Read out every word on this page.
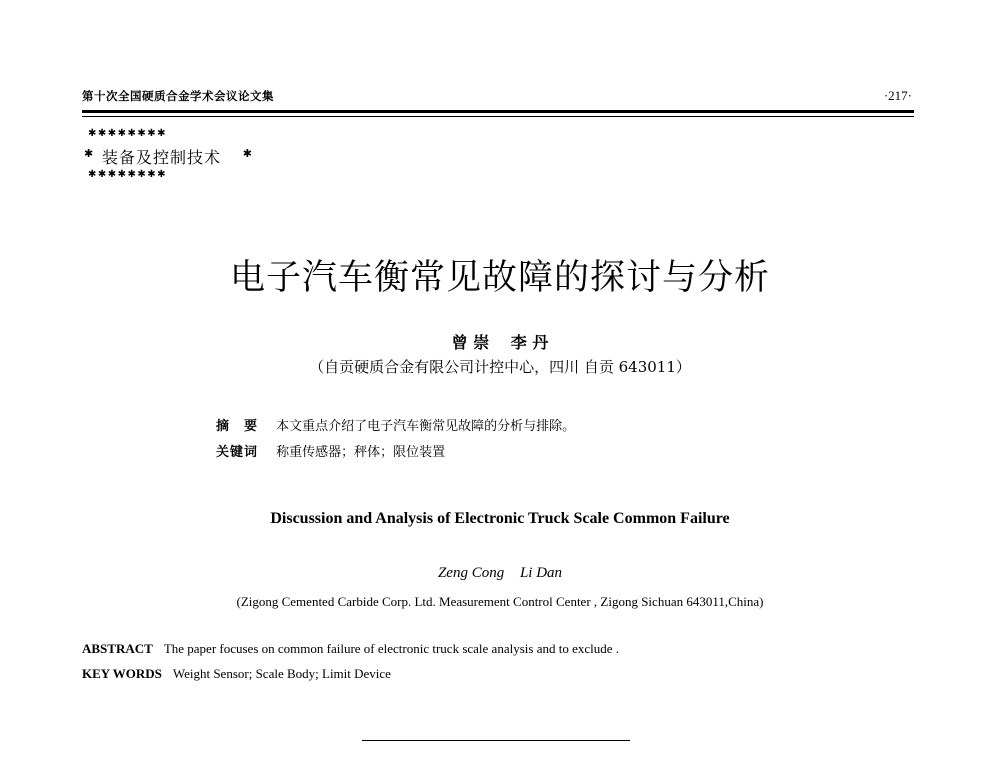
第十次全国硬质合金学术会议论文集	·217·
✱✱✱✱✱✱✱✱
✱ 装备及控制技术 ✱
✱✱✱✱✱✱✱✱
电子汽车衡常见故障的探讨与分析
曾 崇 李 丹
（自贡硬质合金有限公司计控中心，四川 自贡 643011）
摘　要 本文重点介绍了电子汽车衡常见故障的分析与排除。
关键词 称重传感器；秤体；限位装置
Discussion and Analysis of Electronic Truck Scale Common Failure
Zeng Cong Li Dan
(Zigong Cemented Carbide Corp. Ltd. Measurement Control Center , Zigong Sichuan 643011,China)
ABSTRACT The paper focuses on common failure of electronic truck scale analysis and to exclude .
KEY WORDS Weight Sensor; Scale Body; Limit Device
